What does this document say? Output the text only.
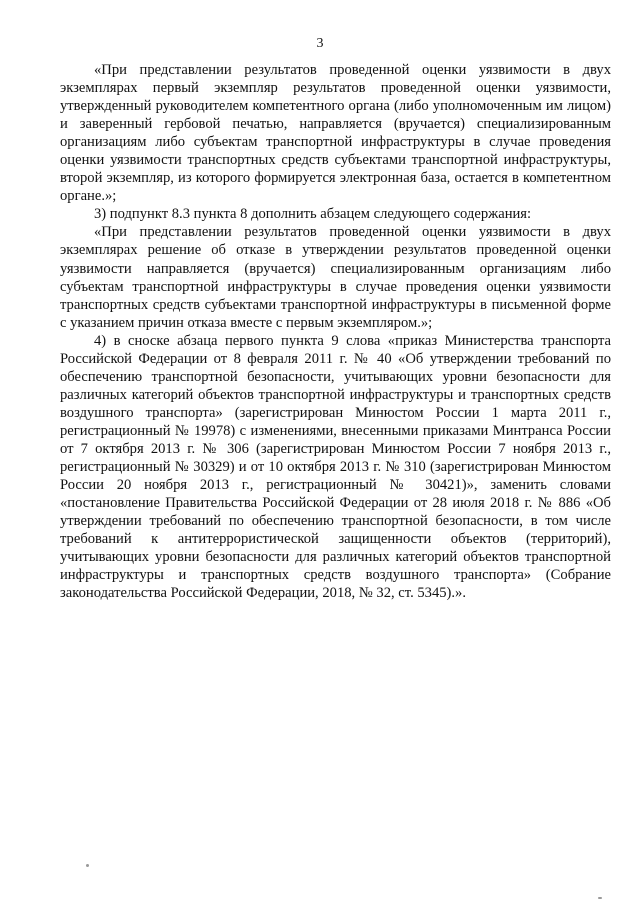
3

«При представлении результатов проведенной оценки уязвимости в двух экземплярах первый экземпляр результатов проведенной оценки уязвимости, утвержденный руководителем компетентного органа (либо уполномоченным им лицом) и заверенный гербовой печатью, направляется (вручается) специализированным организациям либо субъектам транспортной инфраструктуры в случае проведения оценки уязвимости транспортных средств субъектами транспортной инфраструктуры, второй экземпляр, из которого формируется электронная база, остается в компетентном органе.»;

3) подпункт 8.3 пункта 8 дополнить абзацем следующего содержания:

«При представлении результатов проведенной оценки уязвимости в двух экземплярах решение об отказе в утверждении результатов проведенной оценки уязвимости направляется (вручается) специализированным организациям либо субъектам транспортной инфраструктуры в случае проведения оценки уязвимости транспортных средств субъектами транспортной инфраструктуры в письменной форме с указанием причин отказа вместе с первым экземпляром.»;

4) в сноске абзаца первого пункта 9 слова «приказ Министерства транспорта Российской Федерации от 8 февраля 2011 г. № 40 «Об утверждении требований по обеспечению транспортной безопасности, учитывающих уровни безопасности для различных категорий объектов транспортной инфраструктуры и транспортных средств воздушного транспорта» (зарегистрирован Минюстом России 1 марта 2011 г., регистрационный № 19978) с изменениями, внесенными приказами Минтранса России от 7 октября 2013 г. № 306 (зарегистрирован Минюстом России 7 ноября 2013 г., регистрационный № 30329) и от 10 октября 2013 г. № 310 (зарегистрирован Минюстом России 20 ноября 2013 г., регистрационный № 30421)», заменить словами «постановление Правительства Российской Федерации от 28 июля 2018 г. № 886 «Об утверждении требований по обеспечению транспортной безопасности, в том числе требований к антитеррористической защищенности объектов (территорий), учитывающих уровни безопасности для различных категорий объектов транспортной инфраструктуры и транспортных средств воздушного транспорта» (Собрание законодательства Российской Федерации, 2018, № 32, ст. 5345).».
